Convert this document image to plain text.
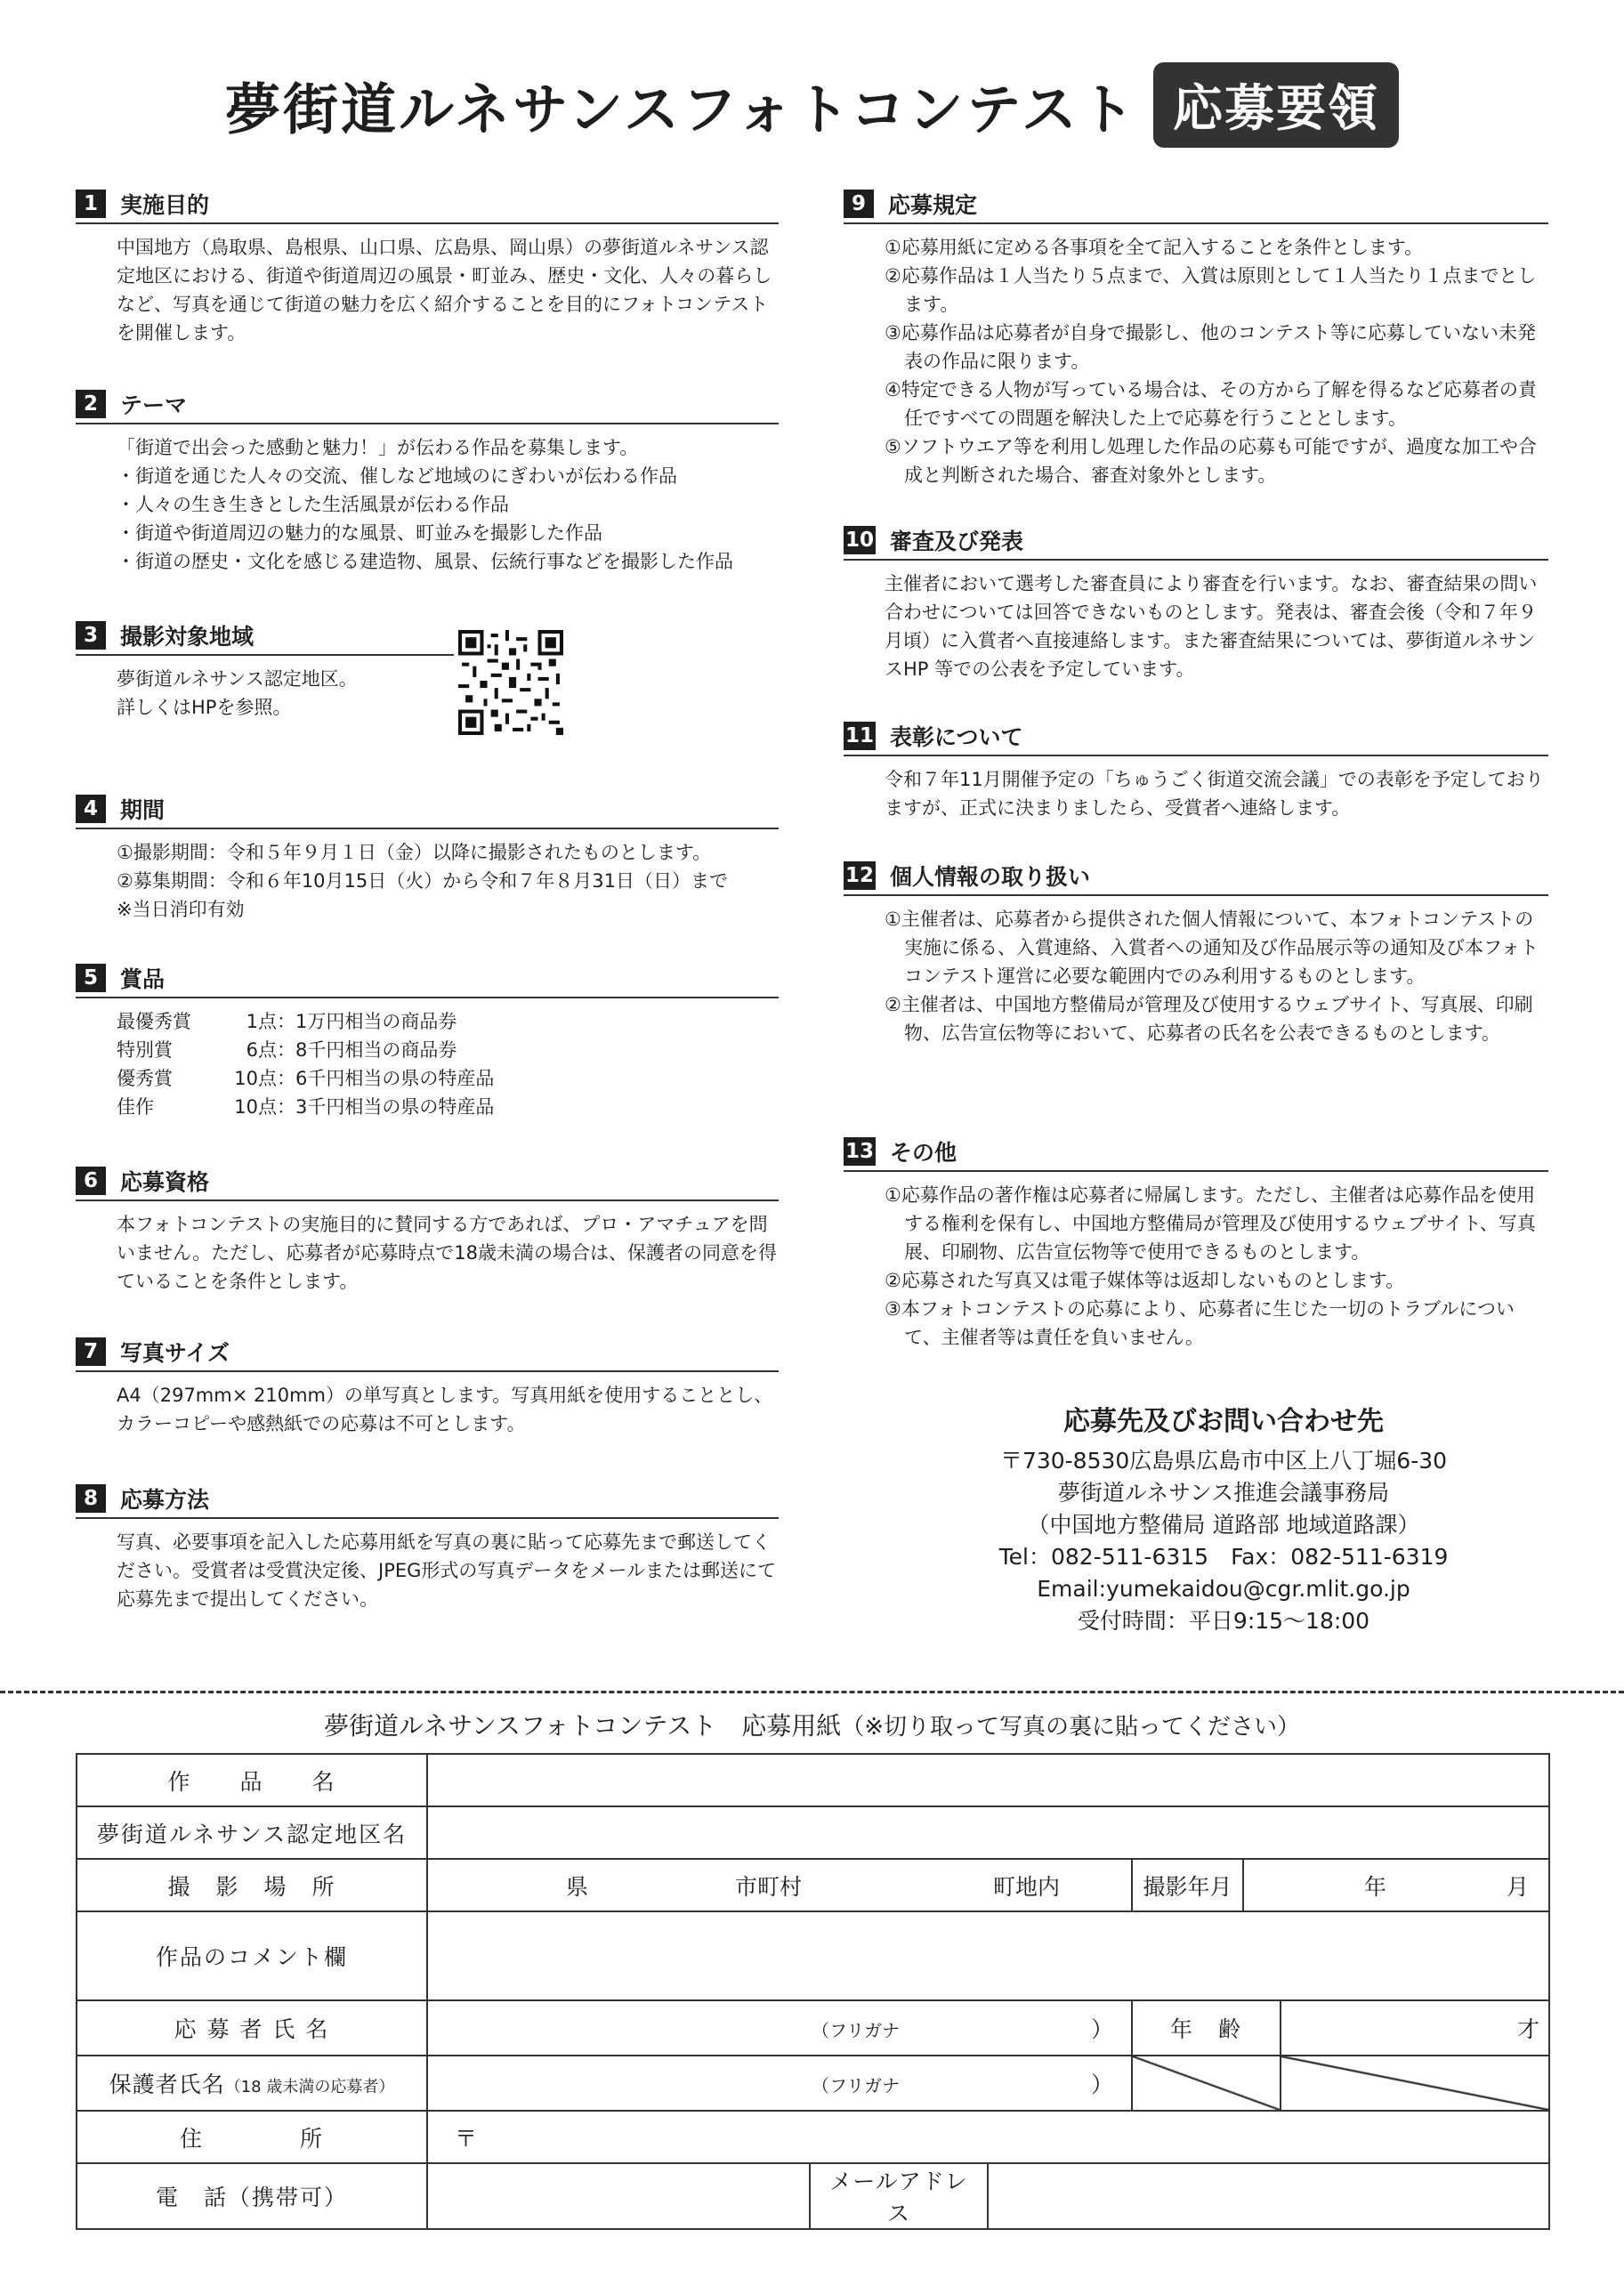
夢街道ルネサンスフォトコンテスト 応募要領
1	実施目的

中国地方（鳥取県、島根県、山口県、広島県、岡山県）の夢街道ルネサンス認定地区における、街道や街道周辺の風景・町並み、歴史・文化、人々の暮らしなど、写真を通じて街道の魅力を広く紹介することを目的にフォトコンテストを開催します。

2	テーマ

「街道で出会った感動と魅力！」が伝わる作品を募集します。

・街道を通じた人々の交流、催しなど地域のにぎわいが伝わる作品

・人々の生き生きとした生活風景が伝わる作品

・街道や街道周辺の魅力的な風景、町並みを撮影した作品

・街道の歴史・文化を感じる建造物、風景、伝統行事などを撮影した作品

3	撮影対象地域

夢街道ルネサンス認定地区。

詳しくはHPを参照。

4	期間

①撮影期間：令和５年９月１日（金）以降に撮影されたものとします。

②募集期間：令和６年10月15日（火）から令和７年８月31日（日）まで

※当日消印有効

5	賞品
最優秀賞	1点：1万円相当の商品券
特別賞	6点：8千円相当の商品券
優秀賞	10点：6千円相当の県の特産品
佳作	10点：3千円相当の県の特産品
6	応募資格

本フォトコンテストの実施目的に賛同する方であれば、プロ・アマチュアを問いません。ただし、応募者が応募時点で18歳未満の場合は、保護者の同意を得ていることを条件とします。

7	写真サイズ

A4（297mm× 210mm）の単写真とします。写真用紙を使用することとし、カラーコピーや感熱紙での応募は不可とします。

8	応募方法

写真、必要事項を記入した応募用紙を写真の裏に貼って応募先まで郵送してください。受賞者は受賞決定後、JPEG形式の写真データをメールまたは郵送にて応募先まで提出してください。

9	応募規定

①応募用紙に定める各事項を全て記入することを条件とします。

②応募作品は１人当たり５点まで、入賞は原則として１人当たり１点までとします。

③応募作品は応募者が自身で撮影し、他のコンテスト等に応募していない未発表の作品に限ります。

④特定できる人物が写っている場合は、その方から了解を得るなど応募者の責任ですべての問題を解決した上で応募を行うこととします。

⑤ソフトウエア等を利用し処理した作品の応募も可能ですが、過度な加工や合成と判断された場合、審査対象外とします。

10 審査及び発表

主催者において選考した審査員により審査を行います。なお、審査結果の問い合わせについては回答できないものとします。発表は、審査会後（令和７年９月頃）に入賞者へ直接連絡します。また審査結果については、夢街道ルネサンスHP 等での公表を予定しています。

11 表彰について

令和７年11月開催予定の「ちゅうごく街道交流会議」での表彰を予定しておりますが、正式に決まりましたら、受賞者へ連絡します。

12 個人情報の取り扱い

①主催者は、応募者から提供された個人情報について、本フォトコンテストの実施に係る、入賞連絡、入賞者への通知及び作品展示等の通知及び本フォトコンテスト運営に必要な範囲内でのみ利用するものとします。

②主催者は、中国地方整備局が管理及び使用するウェブサイト、写真展、印刷物、広告宣伝物等において、応募者の氏名を公表できるものとします。

13 その他

①応募作品の著作権は応募者に帰属します。ただし、主催者は応募作品を使用する権利を保有し、中国地方整備局が管理及び使用するウェブサイト、写真展、印刷物、広告宣伝物等で使用できるものとします。

②応募された写真又は電子媒体等は返却しないものとします。

③本フォトコンテストの応募により、応募者に生じた一切のトラブルについて、主催者等は責任を負いません。

応募先及びお問い合わせ先
〒730-8530広島県広島市中区上八丁堀6-30
夢街道ルネサンス推進会議事務局
（中国地方整備局 道路部 地域道路課）
Tel：082-511-6315　Fax：082-511-6319
Email:yumekaidou@cgr.mlit.go.jp
受付時間：平日9:15〜18:00
夢街道ルネサンスフォトコンテスト　応募用紙（※切り取って写真の裏に貼ってください）
作　　品　　名						
夢街道ルネサンス認定地区名						
撮　影　場　所	県 市町村 町地内			撮影年月	年 月	
作品のコメント欄						
応 募 者 氏 名	（フリガナ ）			年　齢		才
保護者氏名（18 歳未満の応募者）	（フリガナ ）					
住　　　　所	〒					
電　話（携帯可）		メールアドレス				
